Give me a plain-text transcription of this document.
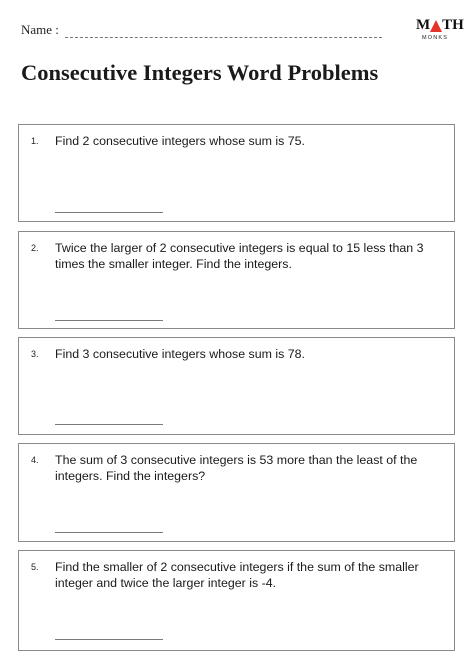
Name :	M TH
MONKS
Consecutive Integers Word Problems
1. Find 2 consecutive integers whose sum is 75.

2. Twice the larger of 2 consecutive integers is equal to 15 less than 3 times the smaller integer. Find the integers.

3. Find 3 consecutive integers whose sum is 78.

4. The sum of 3 consecutive integers is 53 more than the least of the integers. Find the integers?

5. Find the smaller of 2 consecutive integers if the sum of the smaller integer and twice the larger integer is -4.
